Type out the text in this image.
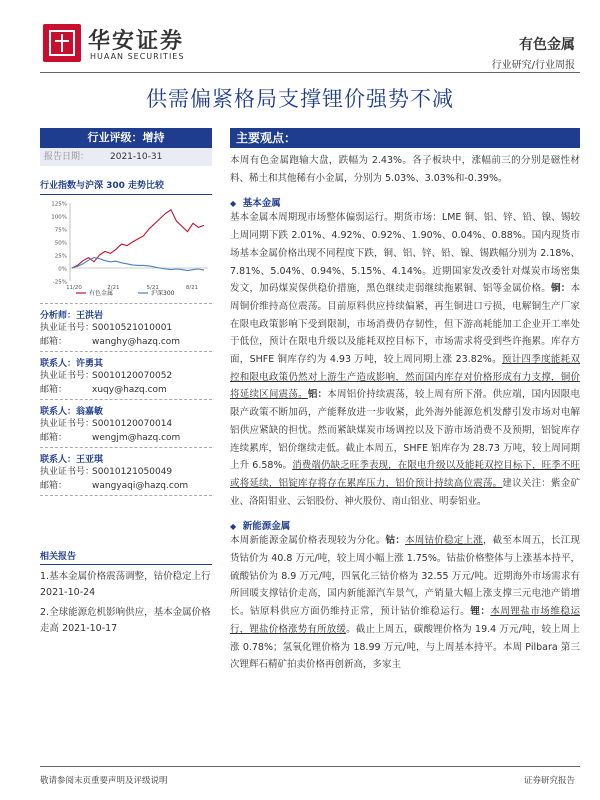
华安证券
HUAAN SECURITIES
有色金属
行业研究/行业周报
供需偏紧格局支撑锂价强势不减
行业评级：增持
报告日期： 2021-10-31
行业指数与沪深 300 走势比较
125%
100%
75%
50%
25%
0%
-25%
11/20	2/21	5/21	8/21
有色金属	沪深300
分析师：王洪岩
执业证书号：
S0010521010001
邮箱：	wanghy@hazq.com
联系人：许勇其
执业证书号：
S0010120070052
邮箱：	xuqy@hazq.com
联系人：翁嘉敏
执业证书号：
S0010120070014
邮箱：	wengjm@hazq.com
联系人：王亚琪
执业证书号：
S0010121050049
邮箱：	wangyaqi@hazq.com
相关报告
1.基本金属价格震荡调整，钴价稳定上行 2021-10-24
2.全球能源危机影响供应，基本金属价格走高 2021-10-17
主要观点：
本周有色金属跑输大盘，跌幅为 2.43%。各子板块中，涨幅前三的分别是磁性材料、稀土和其他稀有小金属，分别为 5.03%、3.03%和-0.39%。
◆ 基本金属
基本金属本周期现市场整体偏弱运行。期货市场：LME 铜、铝、锌、铅、镍、锡较上周同期下跌 2.01%、4.92%、0.92%、1.90%、0.04%、0.88%。国内现货市场基本金属价格出现不同程度下跌，铜、铝、锌、铅、镍、锡跌幅分别为 2.18%、7.81%、5.04%、0.94%、5.15%、4.14%。近期国家发改委针对煤炭市场密集发文，加码煤炭保供稳价措施，黑色继续走弱继续拖累铜、铝等金属价格。铜：本周铜价维持高位震荡。目前原料供应持续偏紧，再生铜进口亏损，电解铜生产厂家在限电政策影响下受到限制，市场消费仍存韧性，但下游高耗能加工企业开工率处于低位，预计在限电升级以及能耗双控目标下，市场需求将受到些许拖累。库存方面，SHFE 铜库存约为 4.93 万吨，较上周同期上涨 23.82%。预计四季度能耗双控和限电政策仍然对上游生产造成影响，然而国内库存对价格形成有力支撑，铜价将延续区间震荡。铝：本周铝价持续震荡，较上周有所下滑。供应端，国内因限电限产政策不断加码，产能释放进一步收紧，此外海外能源危机发酵引发市场对电解铝供应紧缺的担忧。然而紧缺煤炭市场调控以及下游市场消费不及预期，铝锭库存连续累库，铝价继续走低。截止本周五，SHFE 铝库存为 28.73 万吨，较上周同期上升 6.58%。消费端仍缺乏旺季表现，在限电升级以及能耗双控目标下，旺季不旺或将延续，铝锭库存将存在累库压力，铝价预计持续高位震荡。建议关注：紫金矿业、洛阳钼业、云铝股份、神火股份、南山铝业、明泰铝业。
◆ 新能源金属
本周新能源金属价格表现较为分化。钴：本周钴价稳定上涨，截至本周五，长江现货钴价为 40.8 万元/吨，较上周小幅上涨 1.75%。钴盐价格整体与上涨基本持平，硫酸钴价为 8.9 万元/吨，四氧化三钴价格为 32.55 万元/吨。近期海外市场需求有所回暖支撑钴价走高，国内新能源汽车景气，产销量大幅上涨支撑三元电池产销增长。钴原料供应方面仍维持正常，预计钴价维稳运行。锂：本周锂盐市场维稳运行，锂盐价格涨势有所放缓。截止上周五，碳酸锂价格为 19.4 万元/吨，较上周上涨 0.78%；氢氧化锂价格为 18.99 万元/吨，与上周基本持平。本周 Pilbara 第三次锂辉石精矿拍卖价格再创新高，多家主
敬请参阅末页重要声明及评级说明	证券研究报告
